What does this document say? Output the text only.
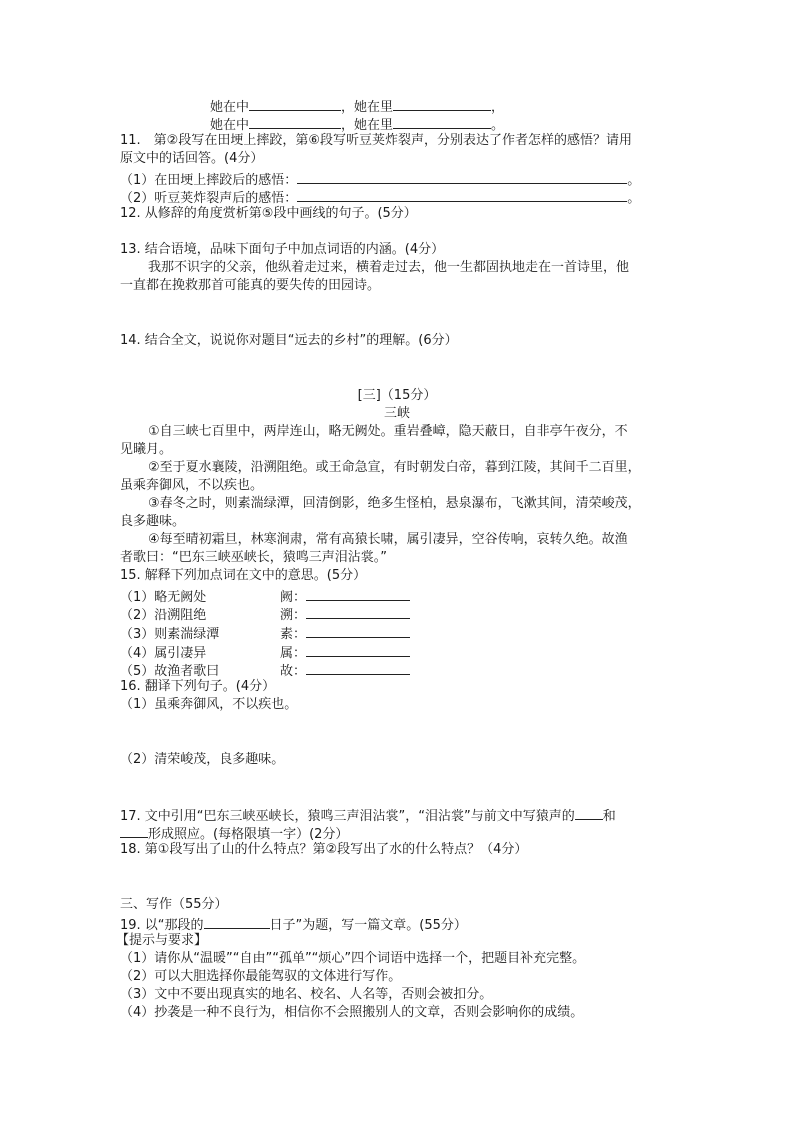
她在中	，她在里	，
她在中	，她在里	。
11.　第②段写在田埂上摔跤，第⑥段写听豆荚炸裂声，分别表达了作者怎样的感悟？请用
原文中的话回答。(4分）
（1）在田埂上摔跤后的感悟：	。
（2）听豆荚炸裂声后的感悟：	。
12. 从修辞的角度赏析第⑤段中画线的句子。(5分）
13. 结合语境，品味下面句子中加点词语的内涵。(4分）
我那不识字的父亲，他纵着走过来，横着走过去，他一生都固执地走在一首诗里，他
一直都在挽救那首可能真的要失传的田园诗。
14. 结合全文，说说你对题目“远去的乡村”的理解。(6分）
[三]（15分）
三峡
①自三峡七百里中，两岸连山，略无阙处。重岩叠嶂，隐天蔽日，自非亭午夜分，不
见曦月。
②至于夏水襄陵，沿溯阻绝。或王命急宣，有时朝发白帝，暮到江陵，其间千二百里，
虽乘奔御风，不以疾也。
③春冬之时，则素湍绿潭，回清倒影，绝多生怪柏，悬泉瀑布，飞漱其间，清荣峻茂，
良多趣味。
④每至晴初霜旦，林寒涧肃，常有高猿长啸，属引凄异，空谷传响，哀转久绝。故渔
者歌曰：“巴东三峡巫峡长，猿鸣三声泪沾裳。”
15. 解释下列加点词在文中的意思。(5分）
（1）略无阙处	阙：
（2）沿溯阻绝	溯：
（3）则素湍绿潭	素：
（4）属引凄异	属：
（5）故渔者歌曰	故：
16. 翻译下列句子。(4分）
（1）虽乘奔御风，不以疾也。
（2）清荣峻茂，良多趣味。
17. 文中引用“巴东三峡巫峡长，猿鸣三声泪沾裳”，“泪沾裳”与前文中写猿声的 和
形成照应。(每格限填一字）(2分）
18. 第①段写出了山的什么特点？第②段写出了水的什么特点？（4分）
三、写作（55分）
19. 以“那段的	日子”为题，写一篇文章。(55分）
【提示与要求】
（1）请你从“温暖”“自由”“孤单”“烦心”四个词语中选择一个，把题目补充完整。
（2）可以大胆选择你最能驾驭的文体进行写作。
（3）文中不要出现真实的地名、校名、人名等，否则会被扣分。
（4）抄袭是一种不良行为，相信你不会照搬别人的文章，否则会影响你的成绩。
